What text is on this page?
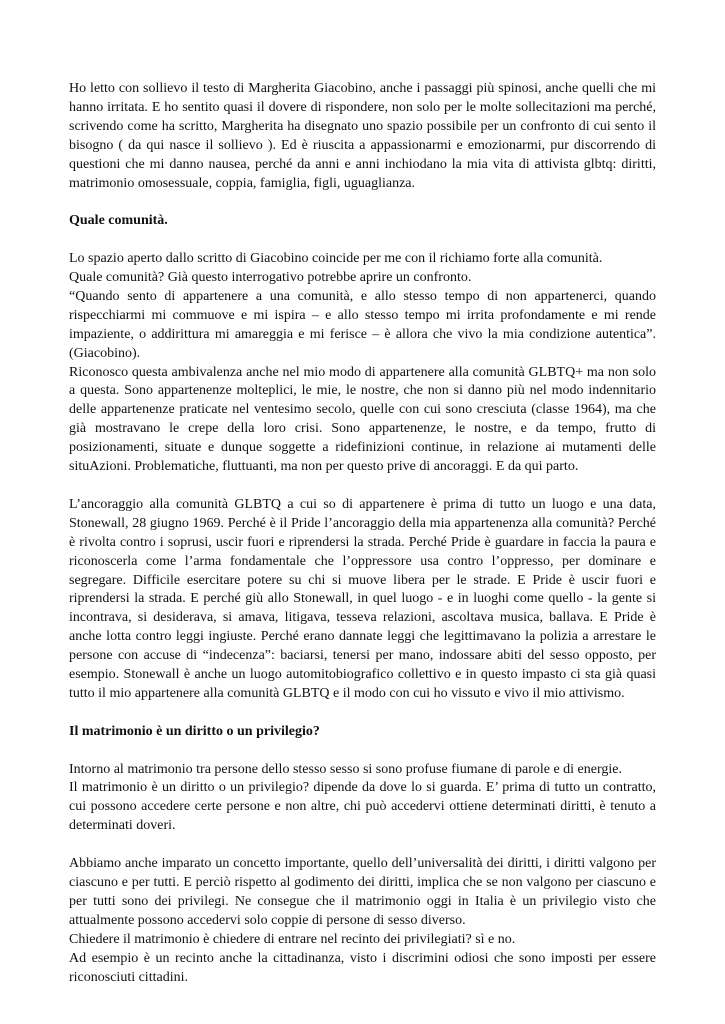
Ho letto con sollievo il testo di Margherita Giacobino, anche i passaggi più spinosi, anche quelli che mi hanno irritata. E ho sentito quasi il dovere di rispondere, non solo per le molte sollecitazioni ma perché, scrivendo come ha scritto, Margherita ha disegnato uno spazio possibile per un confronto di cui sento il bisogno ( da qui nasce il sollievo ). Ed è riuscita a appassionarmi e emozionarmi, pur discorrendo di questioni che mi danno nausea, perché da anni e anni inchiodano la mia vita di attivista glbtq: diritti, matrimonio omosessuale, coppia, famiglia, figli, uguaglianza.

Quale comunità.

Lo spazio aperto dallo scritto di Giacobino coincide per me con il richiamo forte alla comunità.

Quale comunità? Già questo interrogativo potrebbe aprire un confronto.

“Quando sento di appartenere a una comunità, e allo stesso tempo di non appartenerci, quando rispecchiarmi mi commuove e mi ispira – e allo stesso tempo mi irrita profondamente e mi rende impaziente, o addirittura mi amareggia e mi ferisce – è allora che vivo la mia condizione autentica”. (Giacobino).

Riconosco questa ambivalenza anche nel mio modo di appartenere alla comunità GLBTQ+ ma non solo a questa. Sono appartenenze molteplici, le mie, le nostre, che non si danno più nel modo indennitario delle appartenenze praticate nel ventesimo secolo, quelle con cui sono cresciuta (classe 1964), ma che già mostravano le crepe della loro crisi. Sono appartenenze, le nostre, e da tempo, frutto di posizionamenti, situate e dunque soggette a ridefinizioni continue, in relazione ai mutamenti delle situAzioni. Problematiche, fluttuanti, ma non per questo prive di ancoraggi. E da qui parto.

L’ancoraggio alla comunità GLBTQ a cui so di appartenere è prima di tutto un luogo e una data, Stonewall, 28 giugno 1969. Perché è il Pride l’ancoraggio della mia appartenenza alla comunità? Perché è rivolta contro i soprusi, uscir fuori e riprendersi la strada. Perché Pride è guardare in faccia la paura e riconoscerla come l’arma fondamentale che l’oppressore usa contro l’oppresso, per dominare e segregare. Difficile esercitare potere su chi si muove libera per le strade. E Pride è uscir fuori e riprendersi la strada. E perché giù allo Stonewall, in quel luogo - e in luoghi come quello - la gente si incontrava, si desiderava, si amava, litigava, tesseva relazioni, ascoltava musica, ballava. E Pride è anche lotta contro leggi ingiuste. Perché erano dannate leggi che legittimavano la polizia a arrestare le persone con accuse di “indecenza”: baciarsi, tenersi per mano, indossare abiti del sesso opposto, per esempio. Stonewall è anche un luogo automitobiografico collettivo e in questo impasto ci sta già quasi tutto il mio appartenere alla comunità GLBTQ e il modo con cui ho vissuto e vivo il mio attivismo.

Il matrimonio è un diritto o un privilegio?

Intorno al matrimonio tra persone dello stesso sesso si sono profuse fiumane di parole e di energie.

Il matrimonio è un diritto o un privilegio? dipende da dove lo si guarda. E’ prima di tutto un contratto, cui possono accedere certe persone e non altre, chi può accedervi ottiene determinati diritti, è tenuto a determinati doveri.

Abbiamo anche imparato un concetto importante, quello dell’universalità dei diritti, i diritti valgono per ciascuno e per tutti. E perciò rispetto al godimento dei diritti, implica che se non valgono per ciascuno e per tutti sono dei privilegi. Ne consegue che il matrimonio oggi in Italia è un privilegio visto che attualmente possono accedervi solo coppie di persone di sesso diverso.

Chiedere il matrimonio è chiedere di entrare nel recinto dei privilegiati? sì e no.

Ad esempio è un recinto anche la cittadinanza, visto i discrimini odiosi che sono imposti per essere riconosciuti cittadini.
